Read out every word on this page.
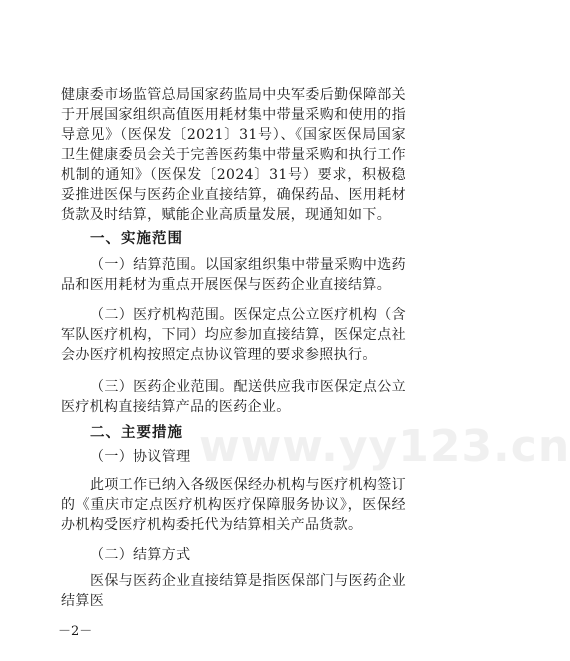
健康委市场监管总局国家药监局中央军委后勤保障部关于开展国家组织高值医用耗材集中带量采购和使用的指导意见》（医保发〔2021〕31号）、《国家医保局国家卫生健康委员会关于完善医药集中带量采购和执行工作机制的通知》（医保发〔2024〕31号）要求，积极稳妥推进医保与医药企业直接结算，确保药品、医用耗材货款及时结算，赋能企业高质量发展，现通知如下。

一、实施范围

（一）结算范围。以国家组织集中带量采购中选药品和医用耗材为重点开展医保与医药企业直接结算。

（二）医疗机构范围。医保定点公立医疗机构（含军队医疗机构，下同）均应参加直接结算，医保定点社会办医疗机构按照定点协议管理的要求参照执行。

（三）医药企业范围。配送供应我市医保定点公立医疗机构直接结算产品的医药企业。

二、主要措施
（一）协议管理

此项工作已纳入各级医保经办机构与医疗机构签订的《重庆市定点医疗机构医疗保障服务协议》，医保经办机构受医疗机构委托代为结算相关产品货款。

（二）结算方式

医保与医药企业直接结算是指医保部门与医药企业结算医

www.yy123.cn
－2－
